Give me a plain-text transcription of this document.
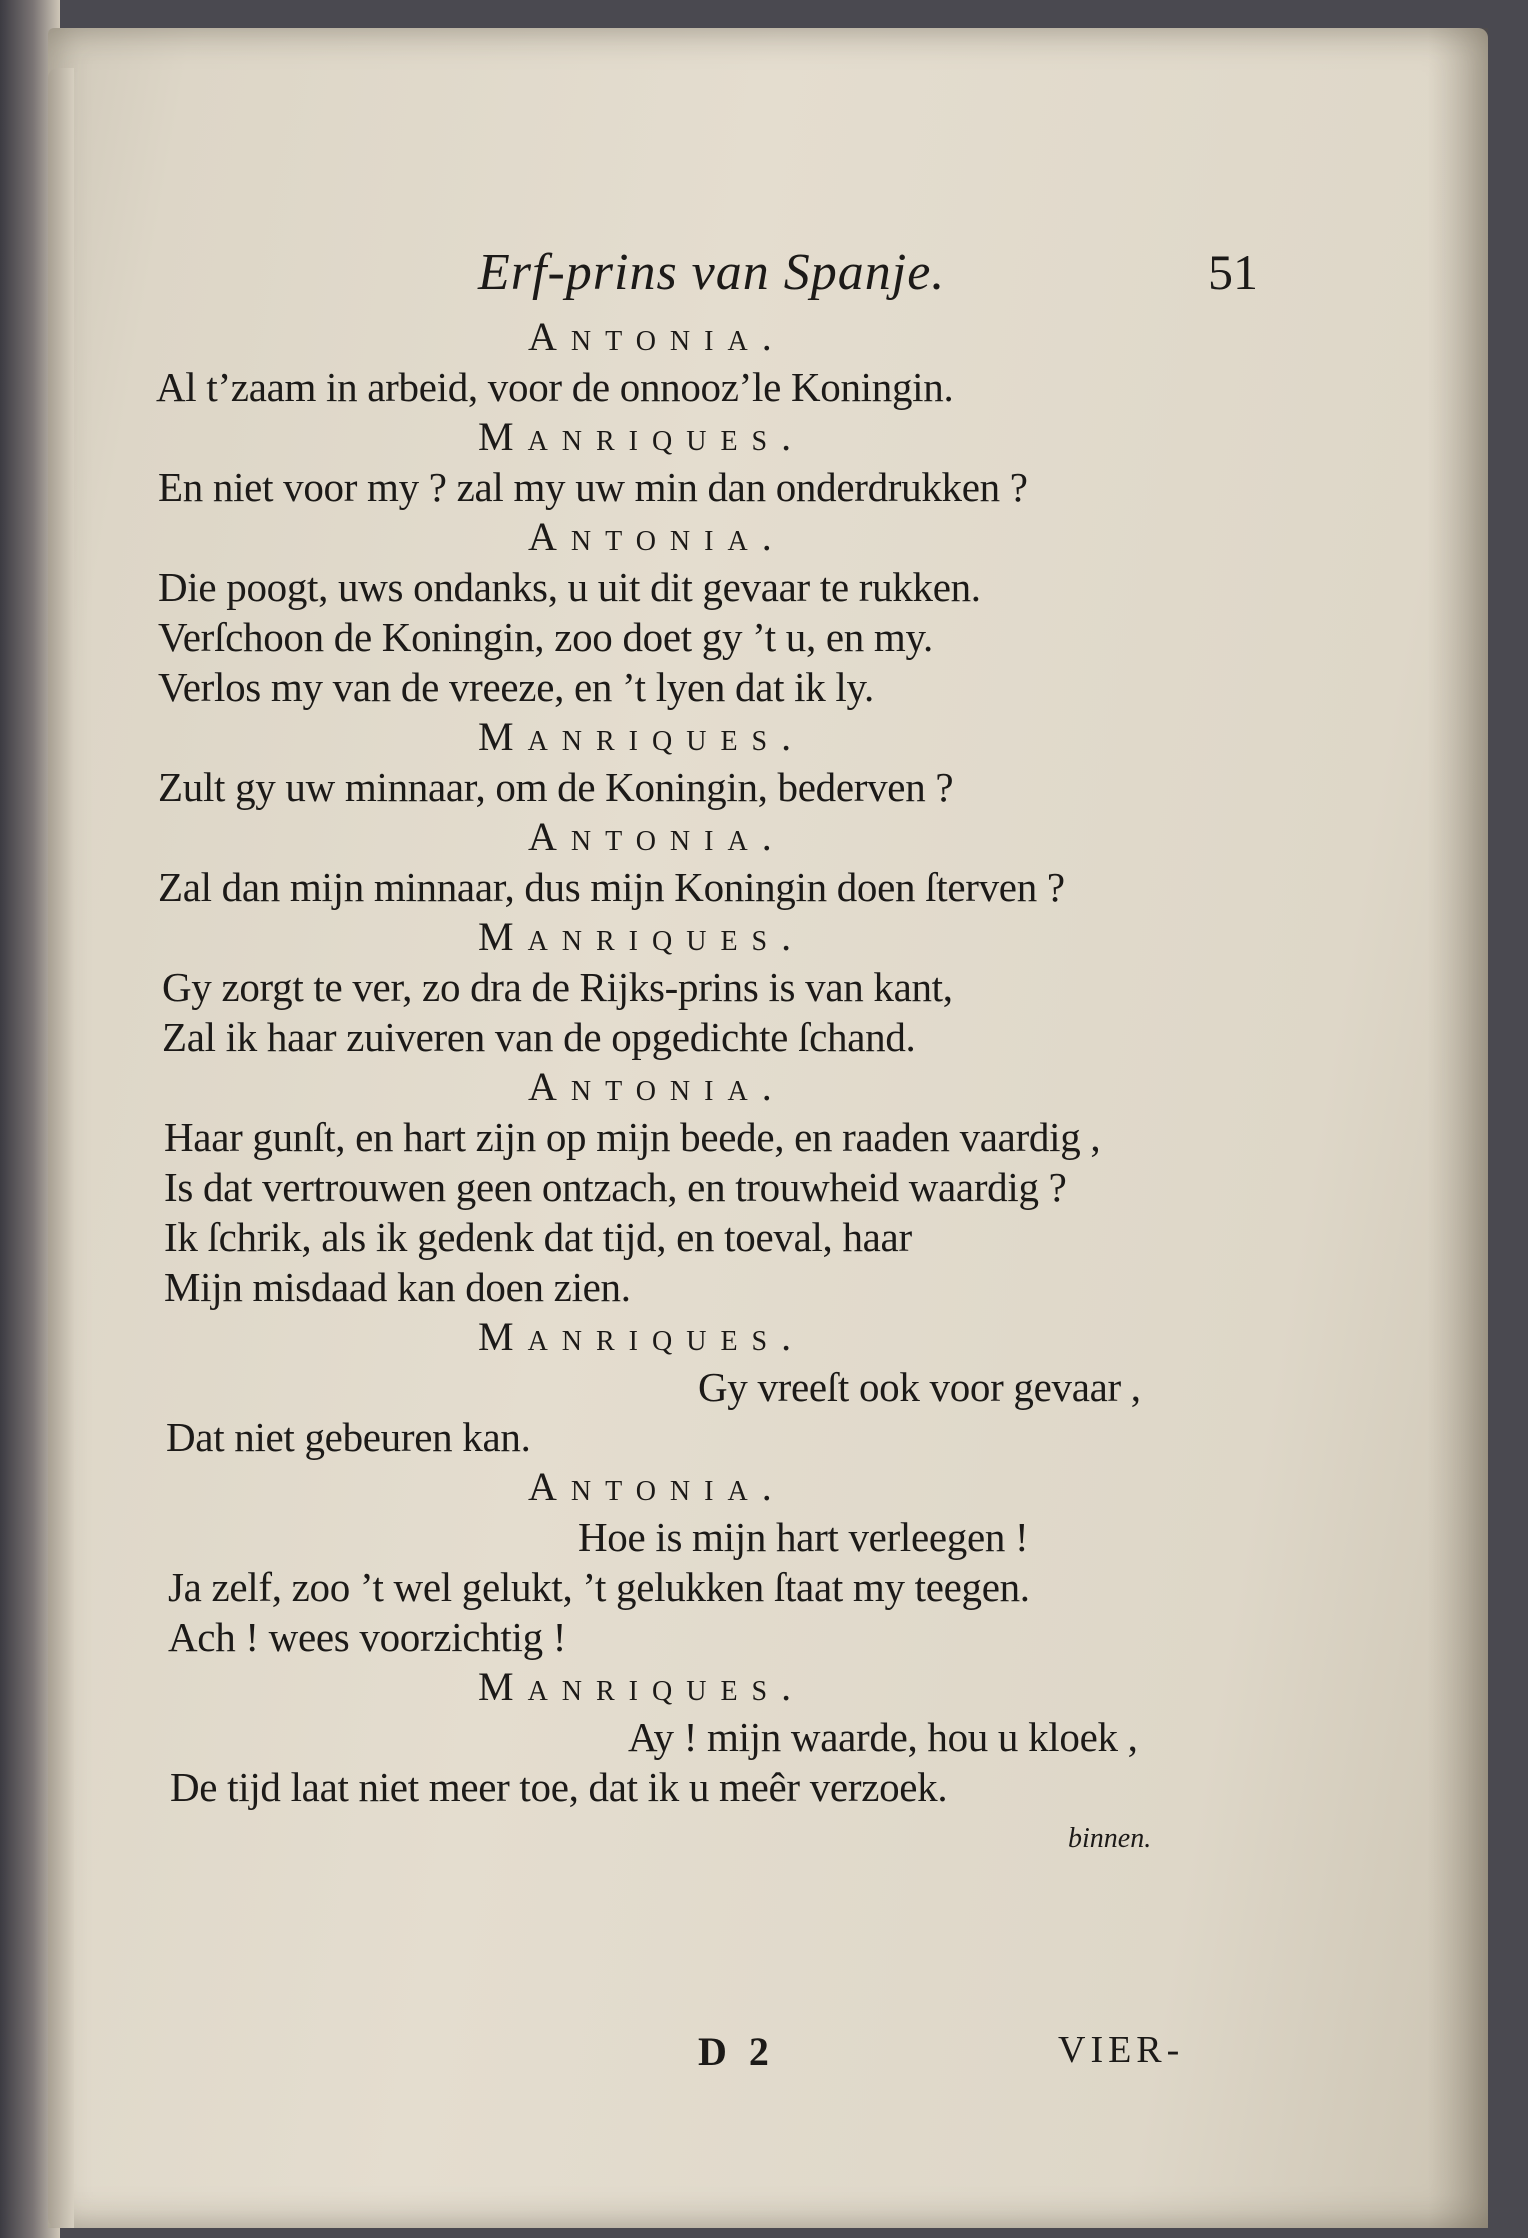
Erf-prins van Spanje.	51
Antonia.
Al t’zaam in arbeid, voor de onnooz’le Koningin.
Manriques.
En niet voor my ? zal my uw min dan onderdrukken ?
Antonia.
Die poogt, uws ondanks, u uit dit gevaar te rukken.
Verſchoon de Koningin, zoo doet gy ’t u, en my.
Verlos my van de vreeze, en ’t lyen dat ik ly.
Manriques.
Zult gy uw minnaar, om de Koningin, bederven ?
Antonia.
Zal dan mijn minnaar, dus mijn Koningin doen ſterven ?
Manriques.
Gy zorgt te ver, zo dra de Rijks-prins is van kant,
Zal ik haar zuiveren van de opgedichte ſchand.
Antonia.
Haar gunſt, en hart zijn op mijn beede, en raaden vaardig ,
Is dat vertrouwen geen ontzach, en trouwheid waardig ?
Ik ſchrik, als ik gedenk dat tijd, en toeval, haar
Mijn misdaad kan doen zien.
Manriques.
Gy vreeſt ook voor gevaar ,
Dat niet gebeuren kan.
Antonia.
Hoe is mijn hart verleegen !
Ja zelf, zoo ’t wel gelukt, ’t gelukken ſtaat my teegen.
Ach ! wees voorzichtig !
Manriques.
Ay ! mijn waarde, hou u kloek ,
De tijd laat niet meer toe, dat ik u meêr verzoek.
binnen.
D 2	VIER-
